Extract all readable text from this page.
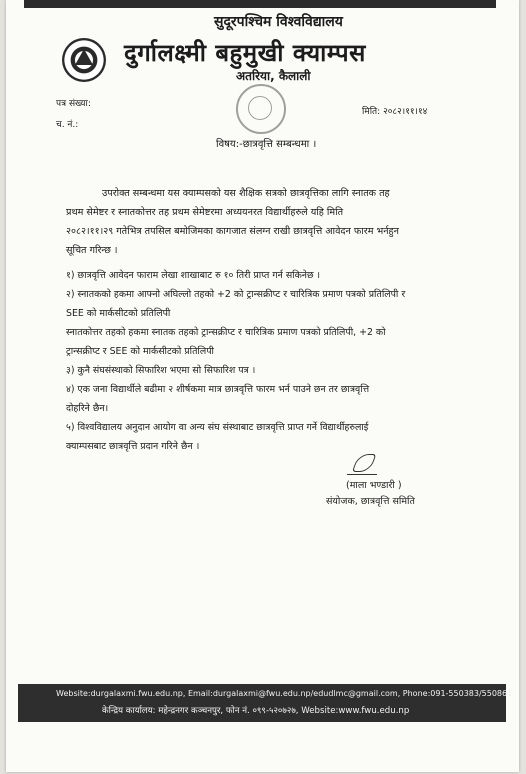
सुदूरपश्चिम विश्वविद्यालय
दुर्गालक्ष्मी बहुमुखी क्याम्पस
अतरिया, कैलाली
पत्र संख्या:
च. नं.:
मिति: २०८२।११।१४
विषय:-छात्रवृत्ति सम्बन्धमा ।
उपरोक्त सम्बन्धमा यस क्याम्पसको यस शैक्षिक सत्रको छात्रवृत्तिका लागि स्नातक तह
प्रथम सेमेष्टर र स्नातकोत्तर तह प्रथम सेमेष्टरमा अध्ययनरत विद्यार्थीहरुले यहि मिति
२०८२।११।२९ गतेभित्र तपसिल बमोजिमका कागजात संलग्न राखी छात्रवृत्ति आवेदन फारम भर्नहुन
सूचित गरिन्छ ।
१) छात्रवृत्ति आवेदन फाराम लेखा शाखाबाट रु १० तिरी प्राप्त गर्न सकिनेछ ।
२) स्नातकको हकमा आफ्नो अघिल्लो तहको +2 को ट्रान्सक्रीप्ट र चारित्रिक प्रमाण पत्रको प्रतिलिपी र
SEE को मार्कसीटको प्रतिलिपी
स्नातकोत्तर तहको हकमा स्नातक तहको ट्रान्सक्रीप्ट र चारित्रिक प्रमाण पत्रको प्रतिलिपी, +2 को
ट्रान्सक्रीप्ट र SEE को मार्कसीटको प्रतिलिपी
३) कुनै संघसंस्थाको सिफारिश भएमा सो सिफारिश पत्र ।
४) एक जना विद्यार्थीले बढीमा २ शीर्षकमा मात्र छात्रवृत्ति फारम भर्न पाउने छन तर छात्रवृत्ति
दोहरिने छैन।
५) विश्वविद्यालय अनुदान आयोग वा अन्य संघ संस्थाबाट छात्रवृत्ति प्राप्त गर्ने विद्यार्थीहरुलाई
क्याम्पसबाट छात्रवृत्ति प्रदान गरिने छैन ।
(माला भण्डारी )
संयोजक, छात्रवृत्ति समिति
Website:durgalaxmi.fwu.edu.np, Email:durgalaxmi@fwu.edu.np/edudlmc@gmail.com, Phone:091-550383/550861
केन्द्रिय कार्यालय: महेन्द्रनगर कञ्चनपुर, फोन नं. ०९९-५२०७२७, Website:www.fwu.edu.np
